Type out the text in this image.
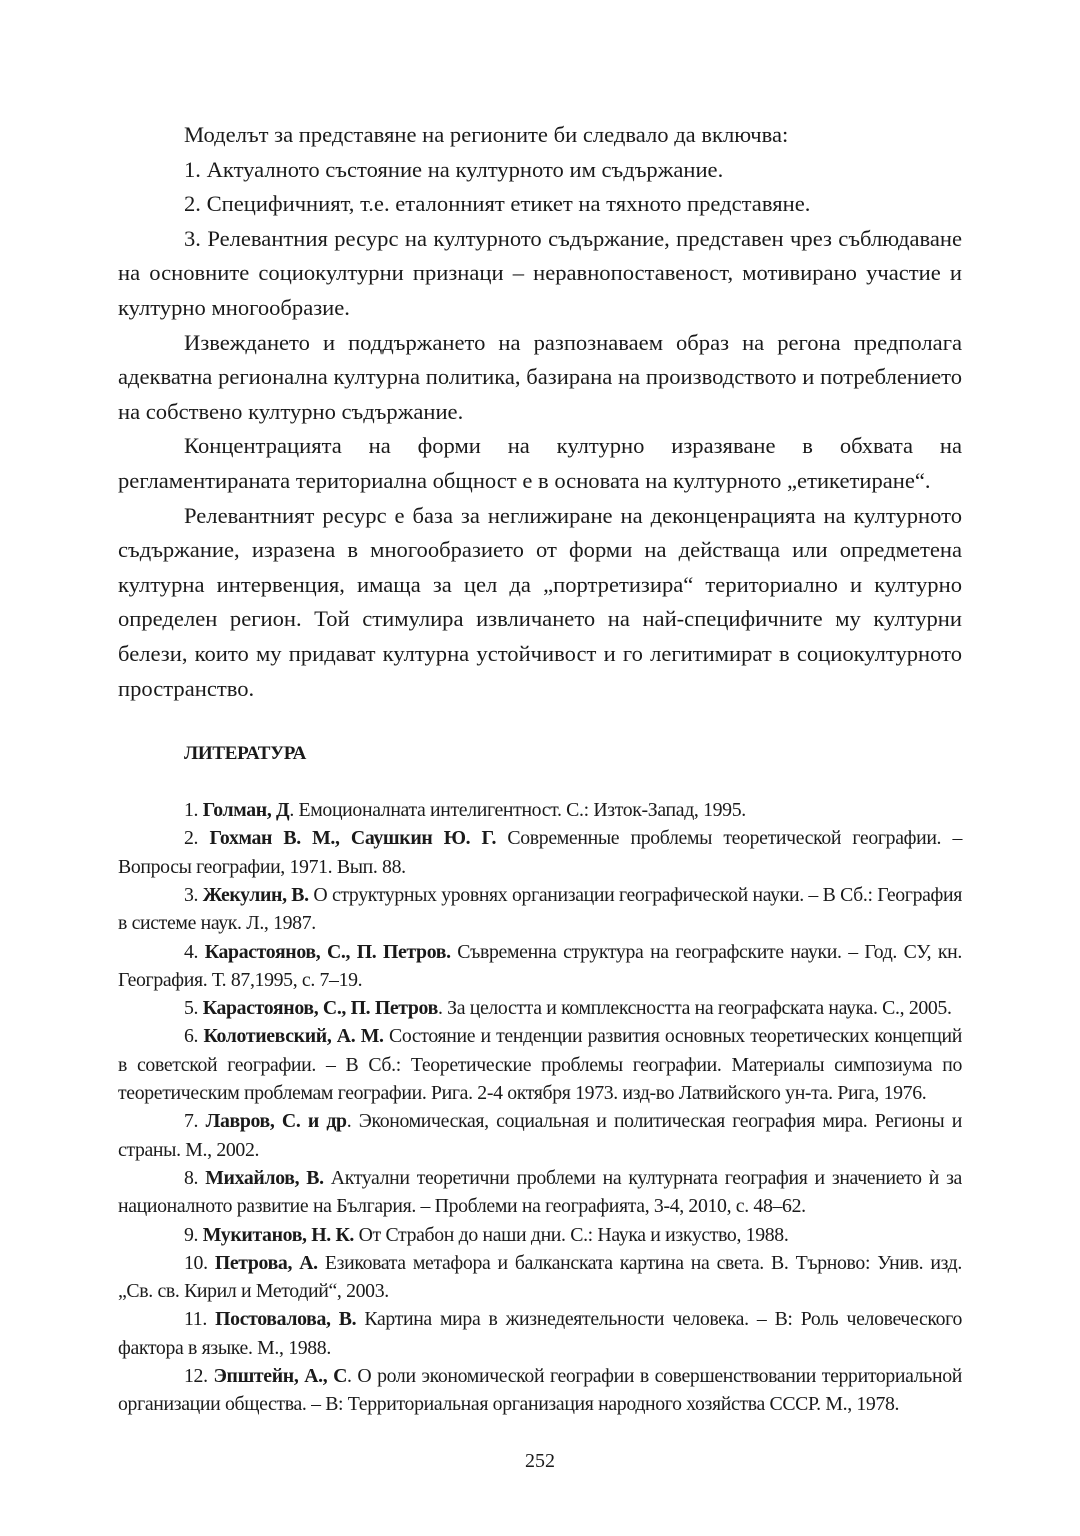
Моделът за представяне на регионите би следвало да включва:

1. Актуалното състояние на културното им съдържание.

2. Специфичният, т.е. еталонният етикет на тяхното представяне.

3. Релевантния ресурс на културното съдържание, представен чрез съблюдаване на основните социокултурни признаци – неравнопоставеност, мотивирано участие и културно многообразие.

Извеждането и поддържането на разпознаваем образ на регона предполага адекватна регионална културна политика, базирана на производството и потреблението на собствено културно съдържание.

Концентрацията на форми на културно изразяване в обхвата на регламентираната териториална общност е в основата на културното „етикетиране“.

Релевантният ресурс е база за неглижиране на деконценрацията на културното съдържание, изразена в многообразието от форми на действаща или опредметена културна интервенция, имаща за цел да „портретизира“ териториално и културно определен регион. Той стимулира извличането на най-специфичните му културни белези, които му придават културна устойчивост и го легитимират в социокултурното пространство.

ЛИТЕРАТУРА

1. Голман, Д. Емоционалната интелигентност. С.: Изток-Запад, 1995.

2. Гохман В. М., Саушкин Ю. Г. Современные проблемы теоретической географии. – Вопросы географии, 1971. Вып. 88.

3. Жекулин, В. О структурных уровнях организации географической науки. – В Сб.: География в системе наук. Л., 1987.

4. Карастоянов, С., П. Петров. Съвременна структура на географските науки. – Год. СУ, кн. География. Т. 87,1995, с. 7–19.

5. Карастоянов, С., П. Петров. За целостта и комплексността на географската наука. С., 2005.

6. Колотиевский, А. М. Состояние и тенденции развития основных теоретических концепций в советской географии. – В Сб.: Теоретические проблемы географии. Материалы симпозиума по теоретическим проблемам географии. Рига. 2-4 октября 1973. изд-во Латвийского ун-та. Рига, 1976.

7. Лавров, С. и др. Экономическая, социальная и политическая география мира. Регионы и страны. М., 2002.

8. Михайлов, В. Актуални теоретични проблеми на културната география и значението ѝ за националното развитие на България. – Проблеми на географията, 3-4, 2010, с. 48–62.

9. Мукитанов, Н. К. От Страбон до наши дни. С.: Наука и изкуство, 1988.

10. Петрова, А. Езиковата метафора и балканската картина на света. В. Търново: Унив. изд. „Св. св. Кирил и Методий“, 2003.

11. Постовалова, В. Картина мира в жизнедеятельности человека. – В: Роль человеческого фактора в языке. М., 1988.

12. Эпштейн, А., С. О роли экономической географии в совершенствовании территориальной организации общества. – В: Территориальная организация народного хозяйства СССР. М., 1978.

252
